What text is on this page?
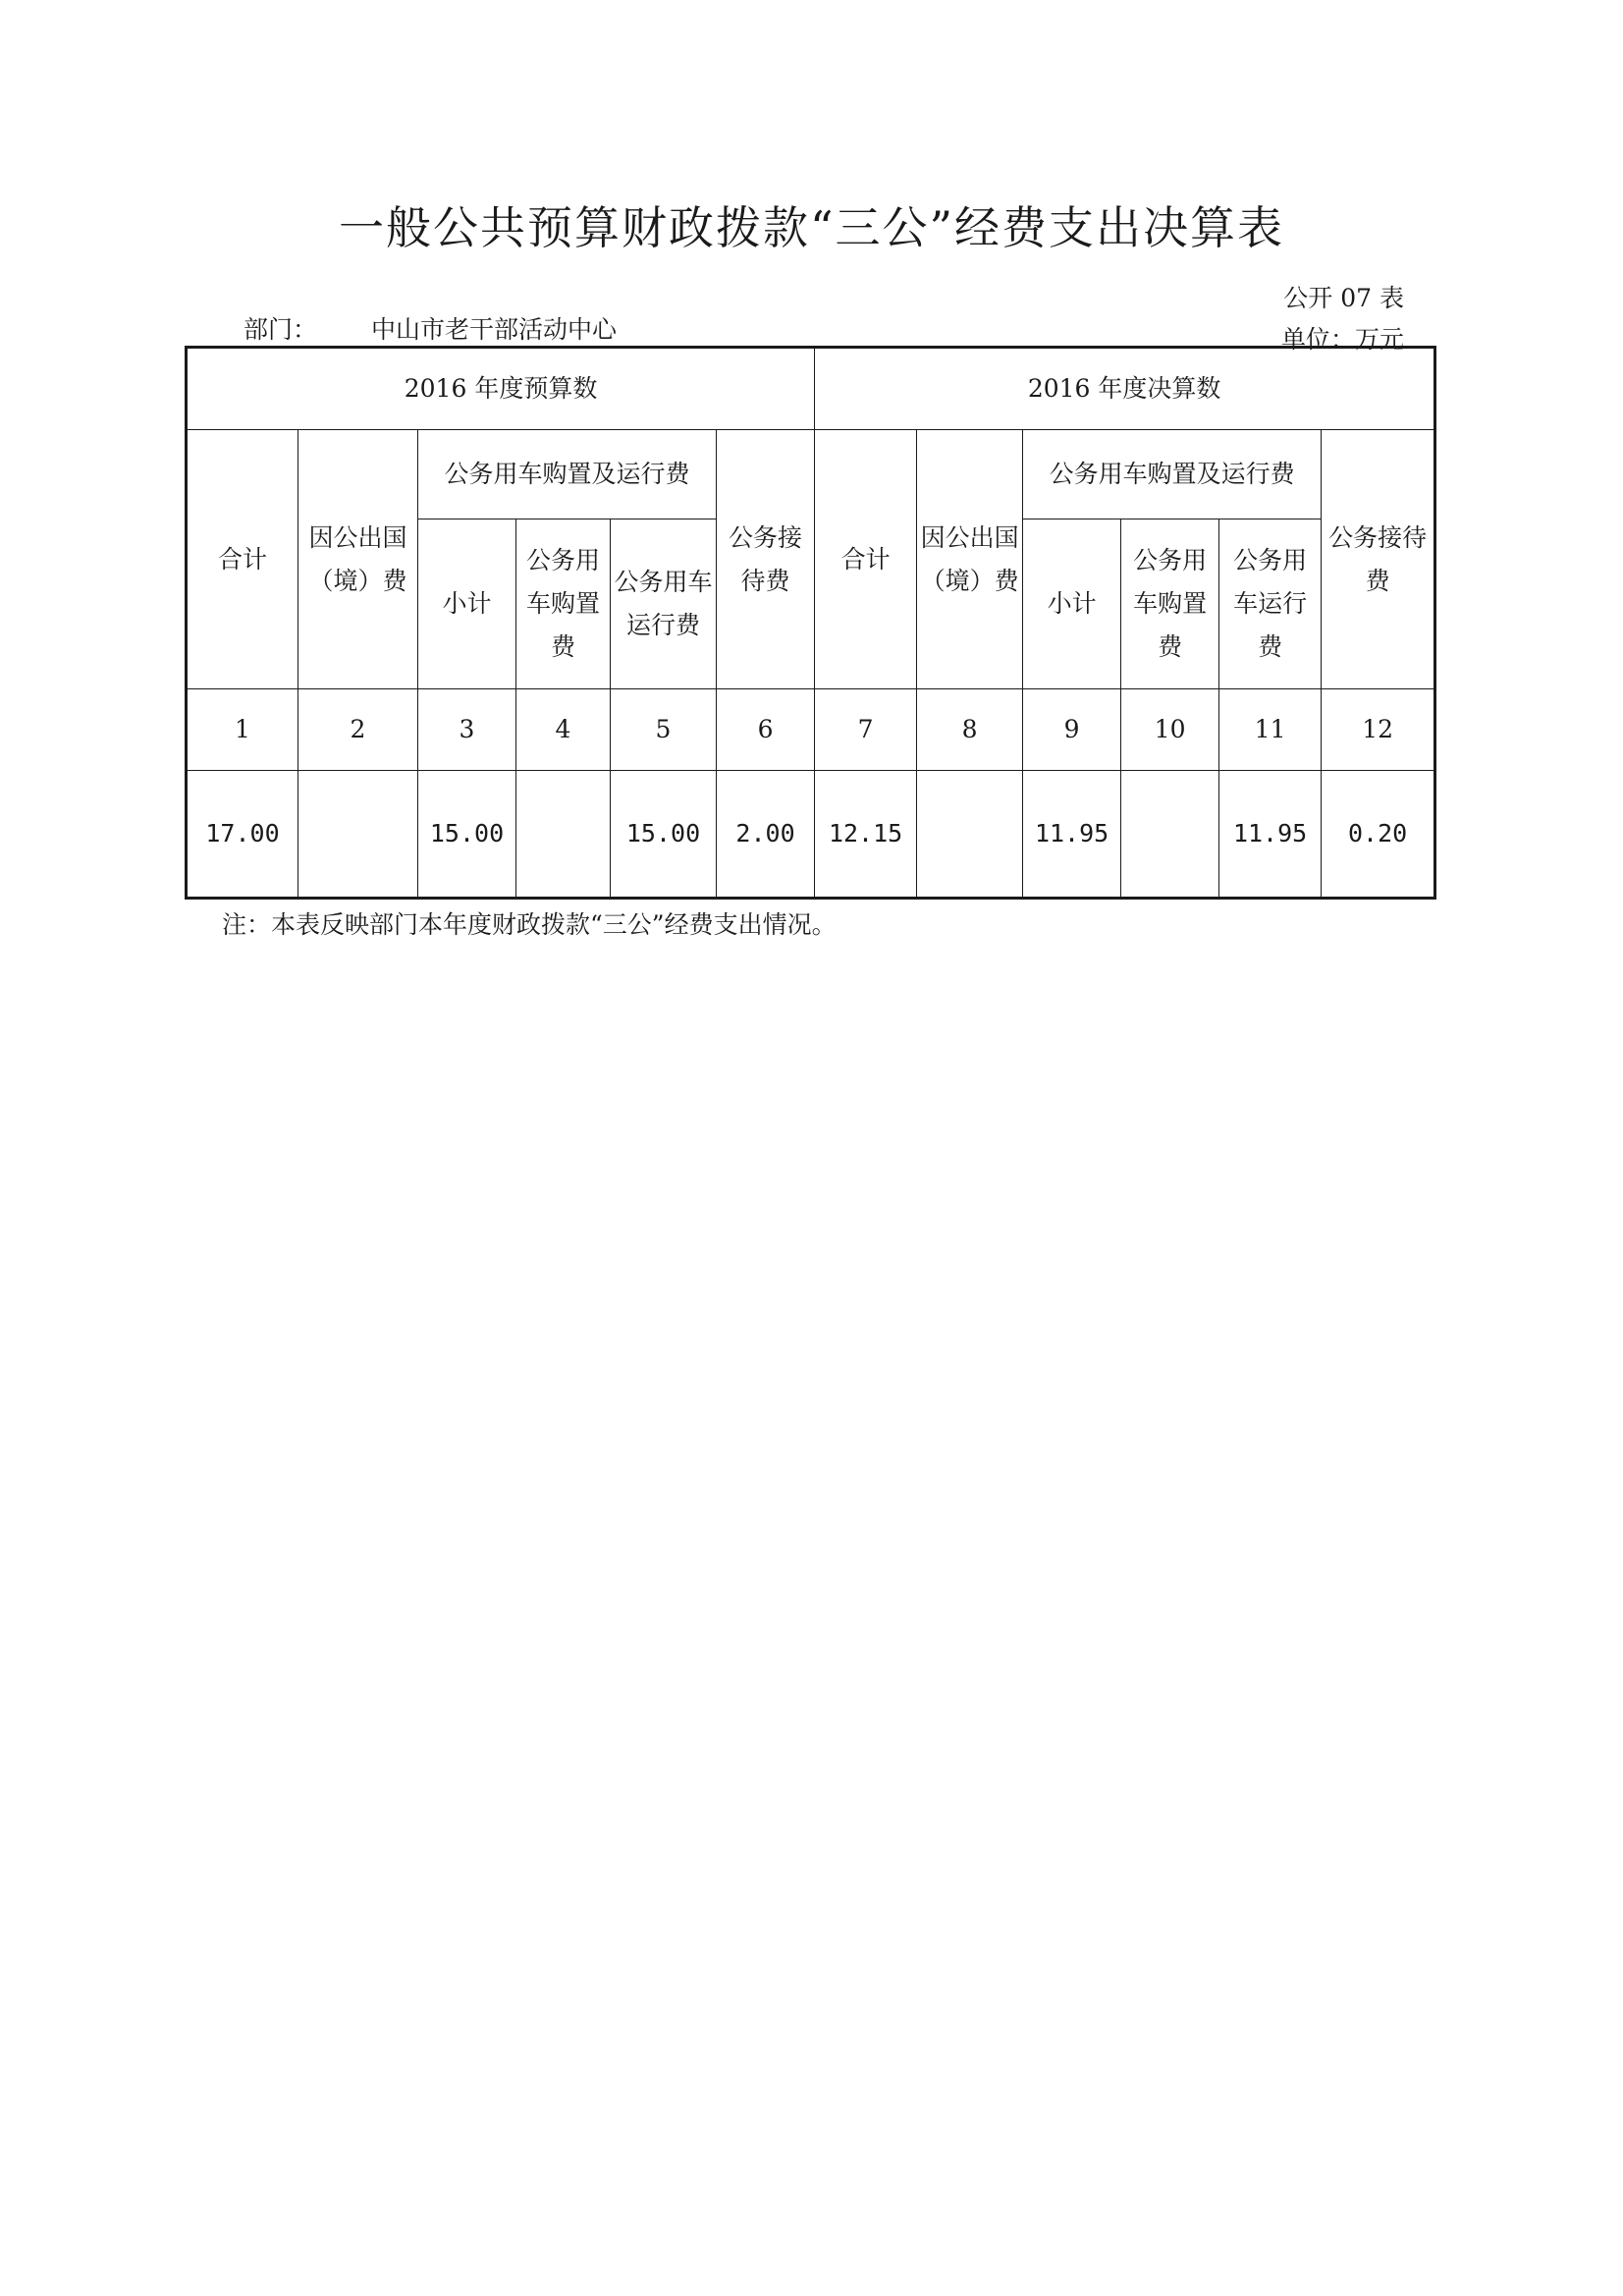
一般公共预算财政拨款“三公”经费支出决算表
公开 07 表
单位：万元
部门： 中山市老干部活动中心
2016 年度预算数						2016 年度决算数					
合计	因公出国（境）费	公务用车购置及运行费			公务接待费	合计	因公出国（境）费	公务用车购置及运行费			公务接待费
		小计	公务用车购置费	公务用车运行费				小计	公务用车购置费	公务用车运行费	
1	2	3	4	5	6	7	8	9	10	11	12
17.00		15.00		15.00	2.00	12.15		11.95		11.95	0.20
注：本表反映部门本年度财政拨款“三公”经费支出情况。
